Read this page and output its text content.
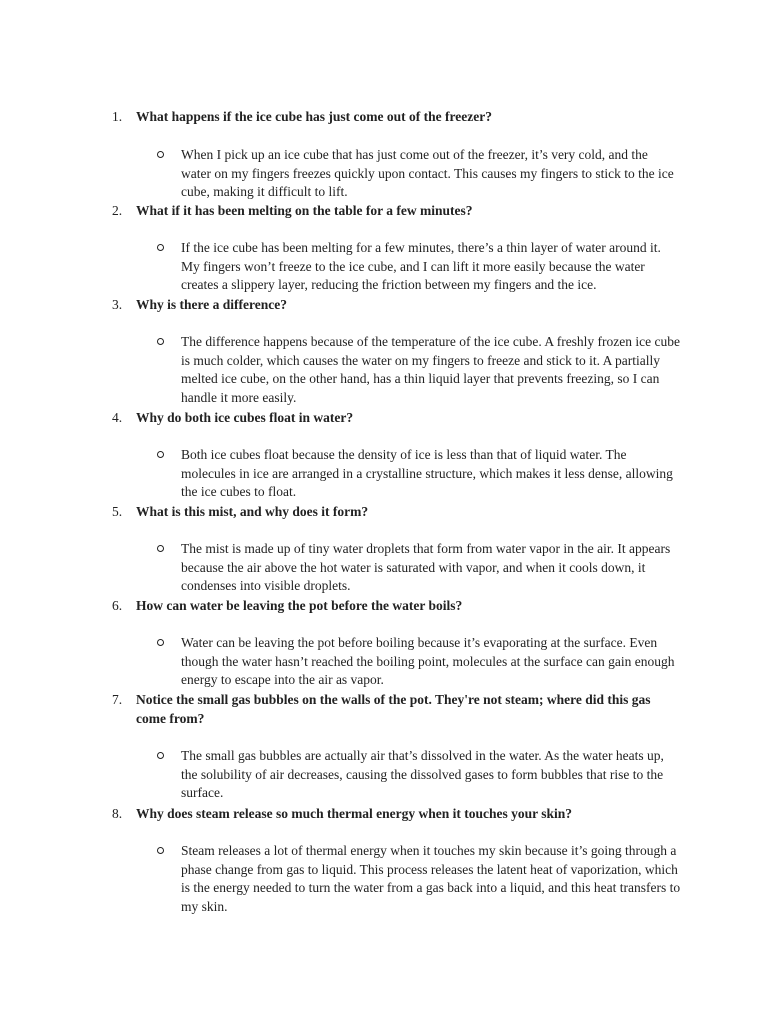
1. What happens if the ice cube has just come out of the freezer?
When I pick up an ice cube that has just come out of the freezer, it’s very cold, and the water on my fingers freezes quickly upon contact. This causes my fingers to stick to the ice cube, making it difficult to lift.
2. What if it has been melting on the table for a few minutes?
If the ice cube has been melting for a few minutes, there’s a thin layer of water around it. My fingers won’t freeze to the ice cube, and I can lift it more easily because the water creates a slippery layer, reducing the friction between my fingers and the ice.
3. Why is there a difference?
The difference happens because of the temperature of the ice cube. A freshly frozen ice cube is much colder, which causes the water on my fingers to freeze and stick to it. A partially melted ice cube, on the other hand, has a thin liquid layer that prevents freezing, so I can handle it more easily.
4. Why do both ice cubes float in water?
Both ice cubes float because the density of ice is less than that of liquid water. The molecules in ice are arranged in a crystalline structure, which makes it less dense, allowing the ice cubes to float.
5. What is this mist, and why does it form?
The mist is made up of tiny water droplets that form from water vapor in the air. It appears because the air above the hot water is saturated with vapor, and when it cools down, it condenses into visible droplets.
6. How can water be leaving the pot before the water boils?
Water can be leaving the pot before boiling because it’s evaporating at the surface. Even though the water hasn’t reached the boiling point, molecules at the surface can gain enough energy to escape into the air as vapor.
7. Notice the small gas bubbles on the walls of the pot. They're not steam; where did this gas come from?
The small gas bubbles are actually air that’s dissolved in the water. As the water heats up, the solubility of air decreases, causing the dissolved gases to form bubbles that rise to the surface.
8. Why does steam release so much thermal energy when it touches your skin?
Steam releases a lot of thermal energy when it touches my skin because it’s going through a phase change from gas to liquid. This process releases the latent heat of vaporization, which is the energy needed to turn the water from a gas back into a liquid, and this heat transfers to my skin.
